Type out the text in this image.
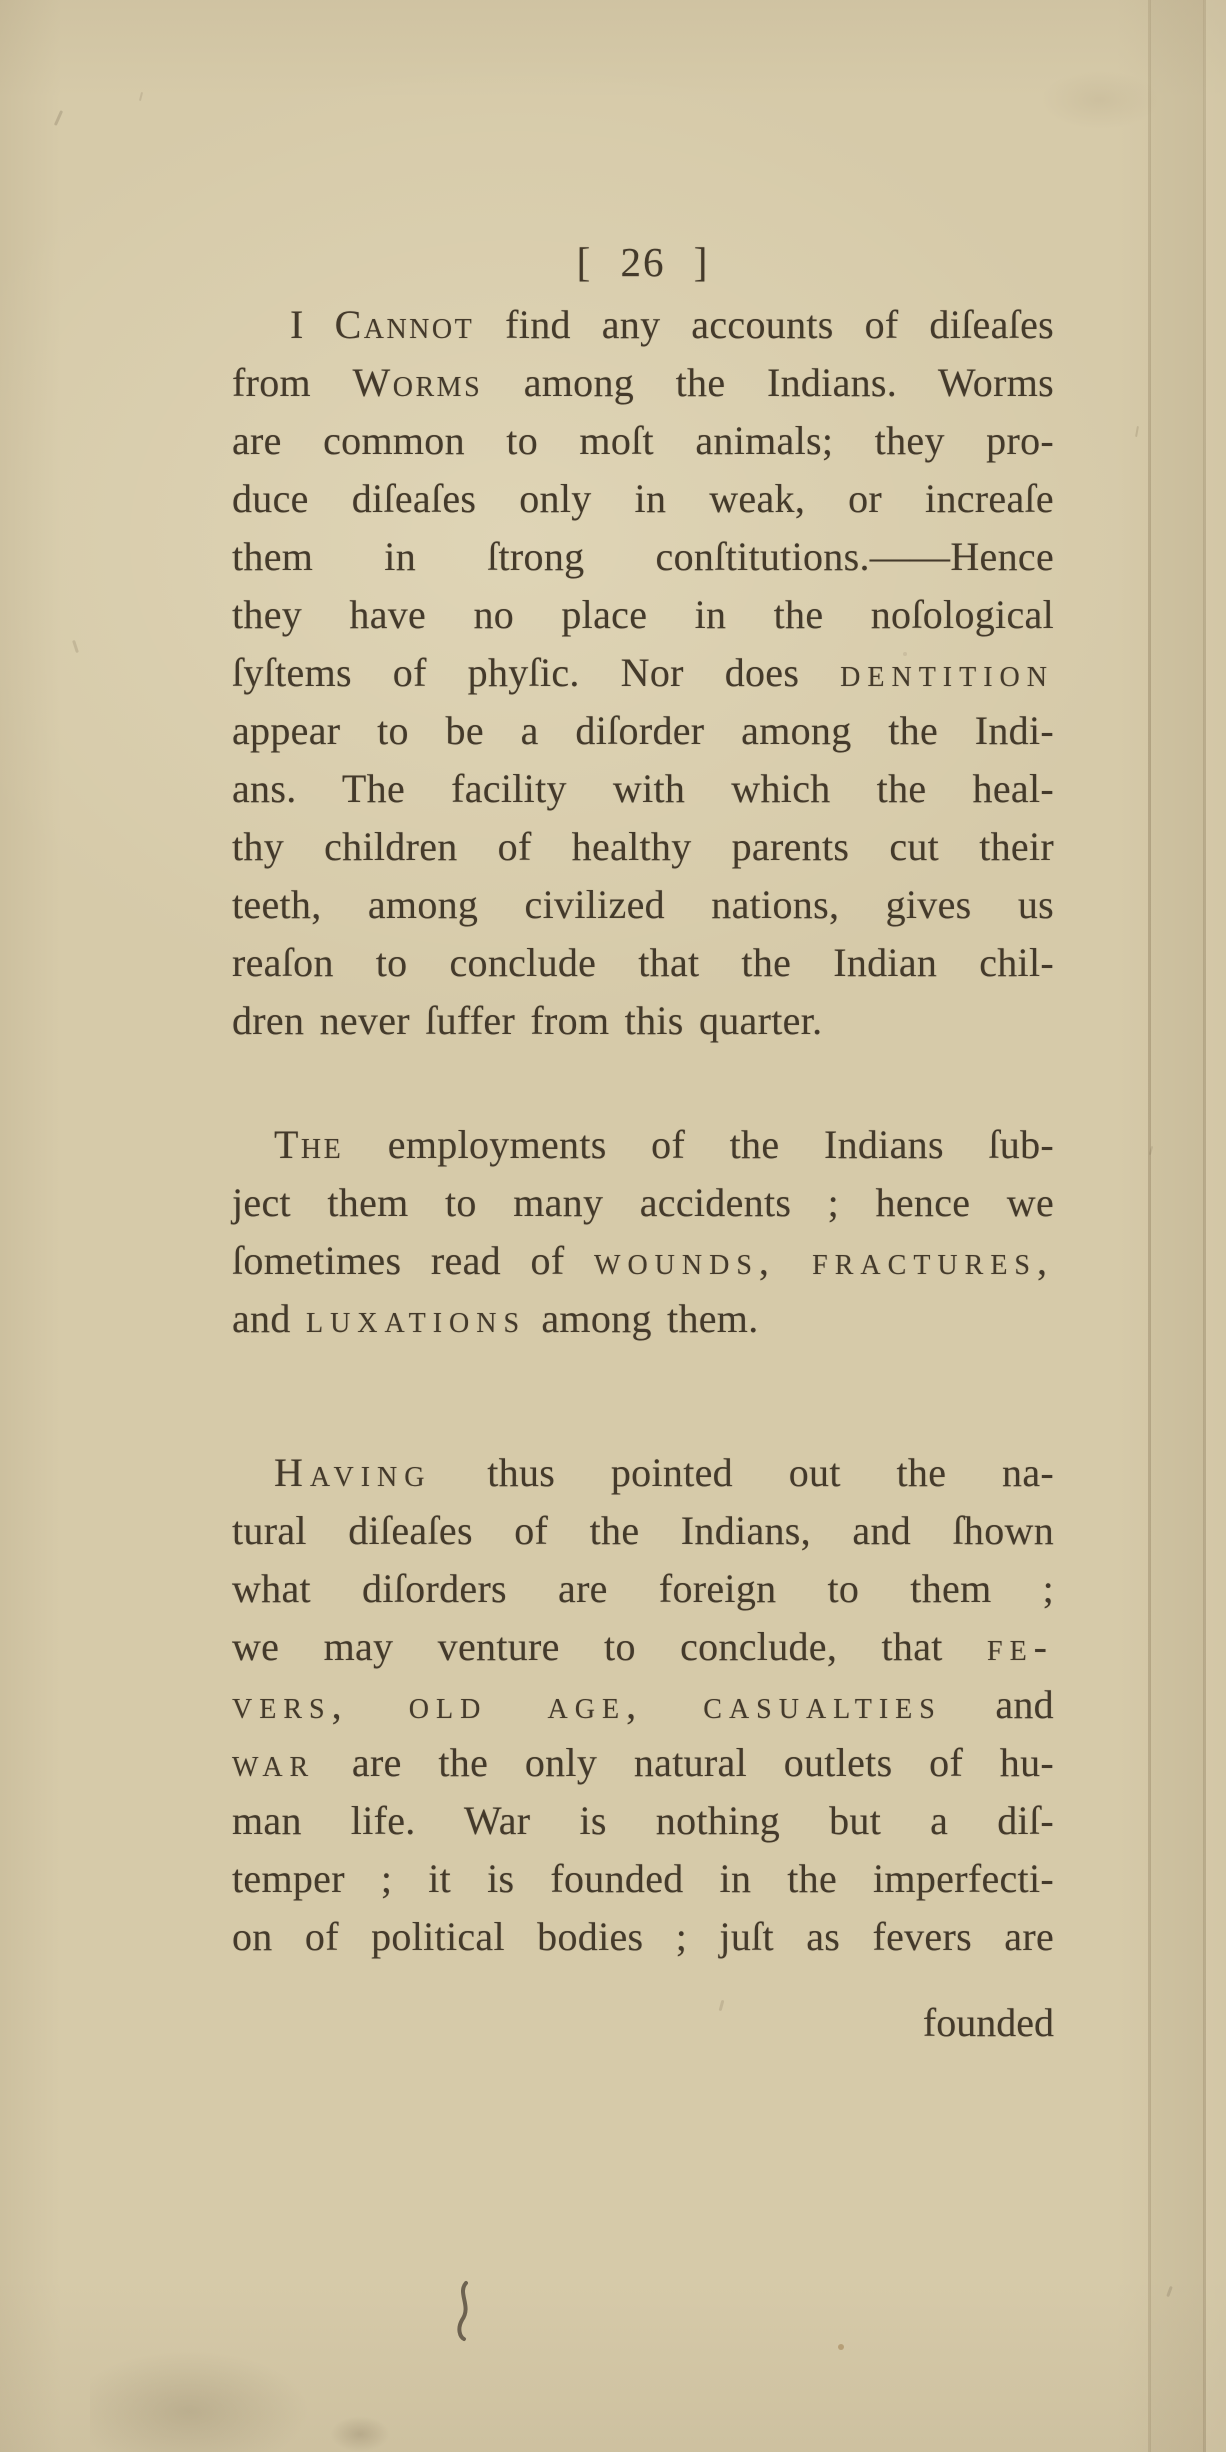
[ 26 ]
I Cannot find any accounts of diſeaſes
from Worms among the Indians. Worms
are common to moſt animals; they pro-
duce diſeaſes only in weak, or increaſe
them in ſtrong conſtitutions.——Hence
they have no place in the noſological
ſyſtems of phyſic. Nor does dentition
appear to be a diſorder among the Indi-
ans. The facility with which the heal-
thy children of healthy parents cut their
teeth, among civilized nations, gives us
reaſon to conclude that the Indian chil-
dren never ſuffer from this quarter.
The employments of the Indians ſub-
ject them to many accidents ; hence we
ſometimes read of wounds, fractures,
and luxations among them.
Having thus pointed out the na-
tural diſeaſes of the Indians, and ſhown
what diſorders are foreign to them ;
we may venture to conclude, that fe-
vers, old age, casualties and
war are the only natural outlets of hu-
man life. War is nothing but a diſ-
temper ; it is founded in the imperfecti-
on of political bodies ; juſt as fevers are
founded
